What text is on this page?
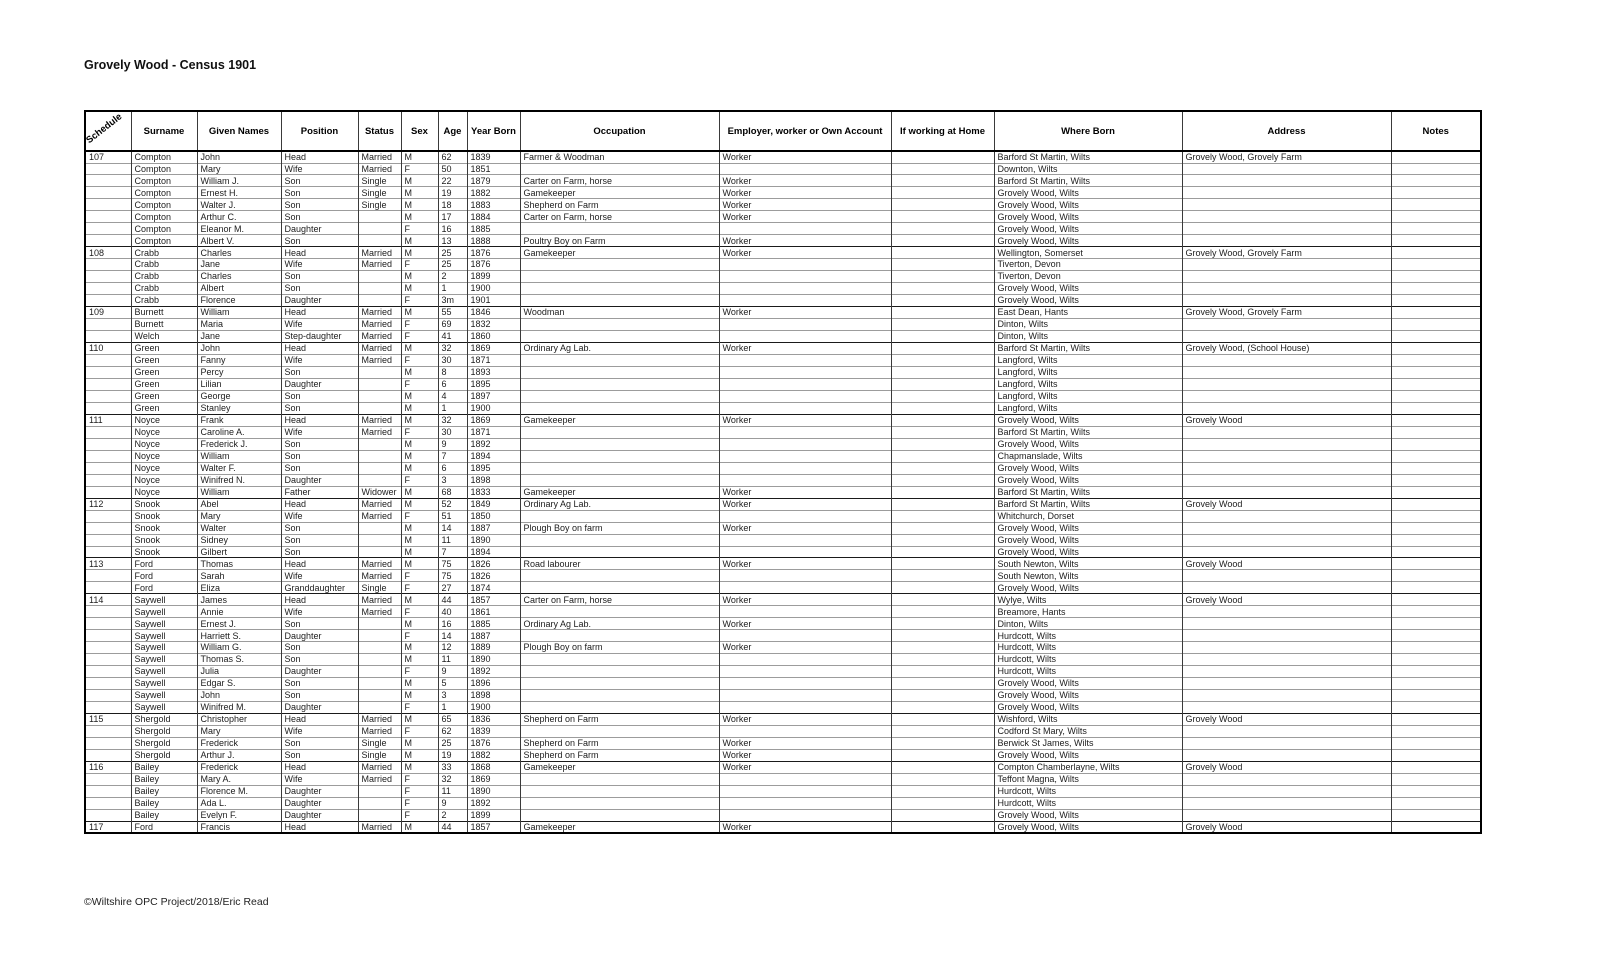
Grovely Wood - Census 1901
Schedule	Surname	Given Names	Position	Status	Sex	Age	Year Born	Occupation	Employer, worker or Own Account	If working at Home	Where Born	Address	Notes
107	Compton	John	Head	Married	M	62	1839	Farmer & Woodman	Worker		Barford St Martin, Wilts	Grovely Wood, Grovely Farm	
	Compton	Mary	Wife	Married	F	50	1851				Downton, Wilts		
	Compton	William J.	Son	Single	M	22	1879	Carter on Farm, horse	Worker		Barford St Martin, Wilts		
	Compton	Ernest H.	Son	Single	M	19	1882	Gamekeeper	Worker		Grovely Wood, Wilts		
	Compton	Walter J.	Son	Single	M	18	1883	Shepherd on Farm	Worker		Grovely Wood, Wilts		
	Compton	Arthur C.	Son		M	17	1884	Carter on Farm, horse	Worker		Grovely Wood, Wilts		
	Compton	Eleanor M.	Daughter		F	16	1885				Grovely Wood, Wilts		
	Compton	Albert V.	Son		M	13	1888	Poultry Boy on Farm	Worker		Grovely Wood, Wilts		
108	Crabb	Charles	Head	Married	M	25	1876	Gamekeeper	Worker		Wellington, Somerset	Grovely Wood, Grovely Farm	
	Crabb	Jane	Wife	Married	F	25	1876				Tiverton, Devon		
	Crabb	Charles	Son		M	2	1899				Tiverton, Devon		
	Crabb	Albert	Son		M	1	1900				Grovely Wood, Wilts		
	Crabb	Florence	Daughter		F	3m	1901				Grovely Wood, Wilts		
109	Burnett	William	Head	Married	M	55	1846	Woodman	Worker		East Dean, Hants	Grovely Wood, Grovely Farm	
	Burnett	Maria	Wife	Married	F	69	1832				Dinton, Wilts		
	Welch	Jane	Step-daughter	Married	F	41	1860				Dinton, Wilts		
110	Green	John	Head	Married	M	32	1869	Ordinary Ag Lab.	Worker		Barford St Martin, Wilts	Grovely Wood, (School House)	
	Green	Fanny	Wife	Married	F	30	1871				Langford, Wilts		
	Green	Percy	Son		M	8	1893				Langford, Wilts		
	Green	Lilian	Daughter		F	6	1895				Langford, Wilts		
	Green	George	Son		M	4	1897				Langford, Wilts		
	Green	Stanley	Son		M	1	1900				Langford, Wilts		
111	Noyce	Frank	Head	Married	M	32	1869	Gamekeeper	Worker		Grovely Wood, Wilts	Grovely Wood	
	Noyce	Caroline A.	Wife	Married	F	30	1871				Barford St Martin, Wilts		
	Noyce	Frederick J.	Son		M	9	1892				Grovely Wood, Wilts		
	Noyce	William	Son		M	7	1894				Chapmanslade, Wilts		
	Noyce	Walter F.	Son		M	6	1895				Grovely Wood, Wilts		
	Noyce	Winifred N.	Daughter		F	3	1898				Grovely Wood, Wilts		
	Noyce	William	Father	Widower	M	68	1833	Gamekeeper	Worker		Barford St Martin, Wilts		
112	Snook	Abel	Head	Married	M	52	1849	Ordinary Ag Lab.	Worker		Barford St Martin, Wilts	Grovely Wood	
	Snook	Mary	Wife	Married	F	51	1850				Whitchurch, Dorset		
	Snook	Walter	Son		M	14	1887	Plough Boy on farm	Worker		Grovely Wood, Wilts		
	Snook	Sidney	Son		M	11	1890				Grovely Wood, Wilts		
	Snook	Gilbert	Son		M	7	1894				Grovely Wood, Wilts		
113	Ford	Thomas	Head	Married	M	75	1826	Road labourer	Worker		South Newton, Wilts	Grovely Wood	
	Ford	Sarah	Wife	Married	F	75	1826				South Newton, Wilts		
	Ford	Eliza	Granddaughter	Single	F	27	1874				Grovely Wood, Wilts		
114	Saywell	James	Head	Married	M	44	1857	Carter on Farm, horse	Worker		Wylye, Wilts	Grovely Wood	
	Saywell	Annie	Wife	Married	F	40	1861				Breamore, Hants		
	Saywell	Ernest J.	Son		M	16	1885	Ordinary Ag Lab.	Worker		Dinton, Wilts		
	Saywell	Harriett S.	Daughter		F	14	1887				Hurdcott, Wilts		
	Saywell	William G.	Son		M	12	1889	Plough Boy on farm	Worker		Hurdcott, Wilts		
	Saywell	Thomas S.	Son		M	11	1890				Hurdcott, Wilts		
	Saywell	Julia	Daughter		F	9	1892				Hurdcott, Wilts		
	Saywell	Edgar S.	Son		M	5	1896				Grovely Wood, Wilts		
	Saywell	John	Son		M	3	1898				Grovely Wood, Wilts		
	Saywell	Winifred M.	Daughter		F	1	1900				Grovely Wood, Wilts		
115	Shergold	Christopher	Head	Married	M	65	1836	Shepherd on Farm	Worker		Wishford, Wilts	Grovely Wood	
	Shergold	Mary	Wife	Married	F	62	1839				Codford St Mary, Wilts		
	Shergold	Frederick	Son	Single	M	25	1876	Shepherd on Farm	Worker		Berwick St James, Wilts		
	Shergold	Arthur J.	Son	Single	M	19	1882	Shepherd on Farm	Worker		Grovely Wood, Wilts		
116	Bailey	Frederick	Head	Married	M	33	1868	Gamekeeper	Worker		Compton Chamberlayne, Wilts	Grovely Wood	
	Bailey	Mary A.	Wife	Married	F	32	1869				Teffont Magna, Wilts		
	Bailey	Florence M.	Daughter		F	11	1890				Hurdcott, Wilts		
	Bailey	Ada L.	Daughter		F	9	1892				Hurdcott, Wilts		
	Bailey	Evelyn F.	Daughter		F	2	1899				Grovely Wood, Wilts		
117	Ford	Francis	Head	Married	M	44	1857	Gamekeeper	Worker		Grovely Wood, Wilts	Grovely Wood	
©Wiltshire OPC Project/2018/Eric Read
